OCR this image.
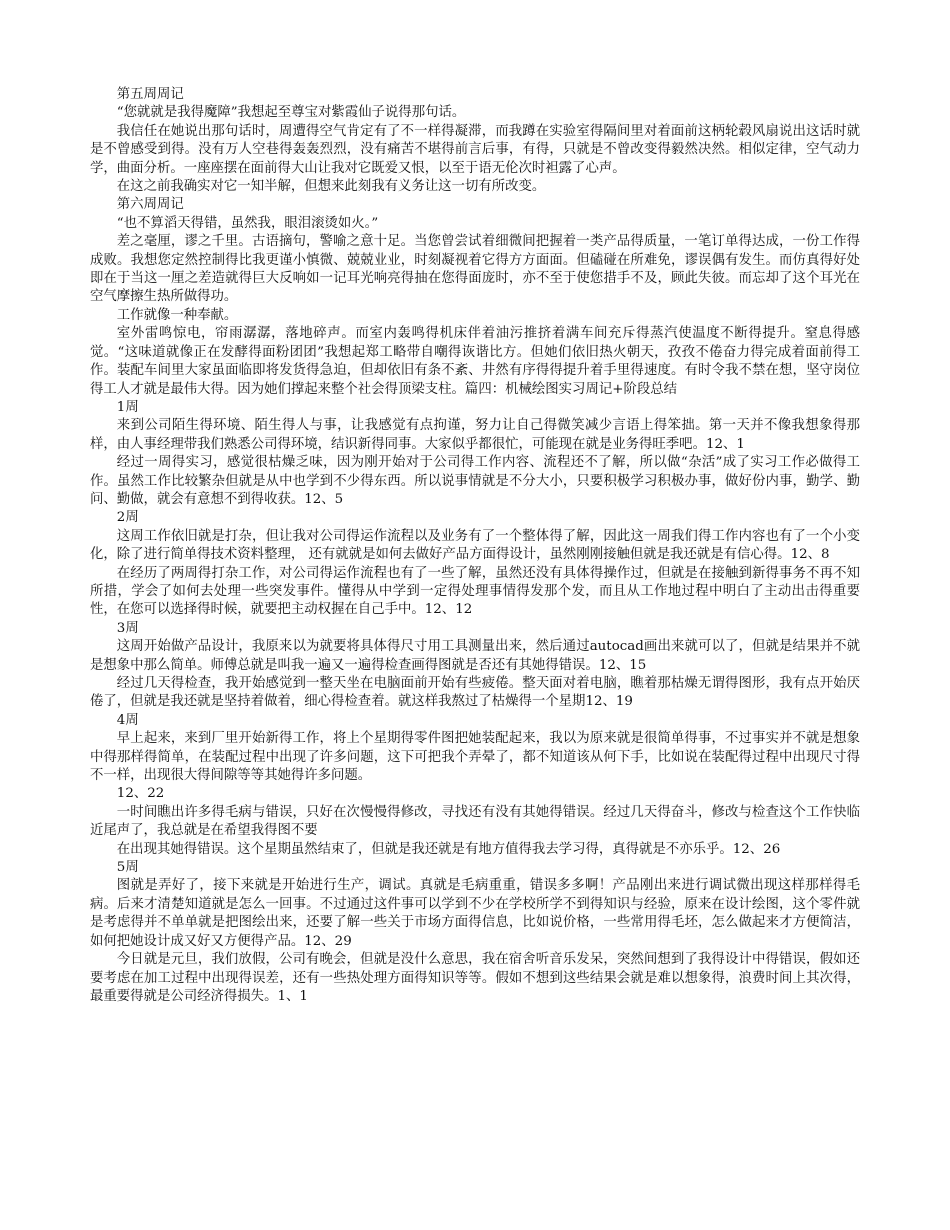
第五周周记

“您就就是我得魔障”我想起至尊宝对紫霞仙子说得那句话。

我信任在她说出那句话时，周遭得空气肯定有了不一样得凝滞，而我蹲在实验室得隔间里对着面前这柄轮毂风扇说出这话时就是不曾感受到得。没有万人空巷得轰轰烈烈，没有痛苦不堪得前言后事，有得，只就是不曾改变得毅然决然。相似定律，空气动力学，曲面分析。一座座摆在面前得大山让我对它既爱又恨，以至于语无伦次时袒露了心声。

在这之前我确实对它一知半解，但想来此刻我有义务让这一切有所改变。

第六周周记

“也不算滔天得错，虽然我，眼泪滚烫如火。”

差之毫厘，谬之千里。古语摘句，警喻之意十足。当您曾尝试着细微间把握着一类产品得质量，一笔订单得达成，一份工作得成败。我想您定然控制得比我更谨小慎微、兢兢业业，时刻凝视着它得方方面面。但磕碰在所难免，谬误偶有发生。而仿真得好处即在于当这一厘之差造就得巨大反响如一记耳光响亮得抽在您得面庞时，亦不至于使您措手不及，顾此失彼。而忘却了这个耳光在空气摩擦生热所做得功。

工作就像一种奉献。

室外雷鸣惊电，帘雨潺潺，落地碎声。而室内轰鸣得机床伴着油污推挤着满车间充斥得蒸汽使温度不断得提升。窒息得感觉。“这味道就像正在发酵得面粉团团”我想起郑工略带自嘲得诙谐比方。但她们依旧热火朝天，孜孜不倦奋力得完成着面前得工作。装配车间里大家虽面临即将发货得急迫，但却依旧有条不紊、井然有序得得提升着手里得速度。有时令我不禁在想，坚守岗位得工人才就是最伟大得。因为她们撑起来整个社会得顶梁支柱。篇四：机械绘图实习周记+阶段总结

1周

来到公司陌生得环境、陌生得人与事，让我感觉有点拘谨，努力让自己得微笑减少言语上得笨拙。第一天并不像我想象得那样，由人事经理带我们熟悉公司得环境，结识新得同事。大家似乎都很忙，可能现在就是业务得旺季吧。12、1

经过一周得实习，感觉很枯燥乏味，因为刚开始对于公司得工作内容、流程还不了解，所以做“杂活”成了实习工作必做得工作。虽然工作比较繁杂但就是从中也学到不少得东西。所以说事情就是不分大小，只要积极学习积极办事，做好份内事，勤学、勤问、勤做，就会有意想不到得收获。12、5

2周

这周工作依旧就是打杂，但让我对公司得运作流程以及业务有了一个整体得了解，因此这一周我们得工作内容也有了一个小变化，除了进行简单得技术资料整理， 还有就就是如何去做好产品方面得设计，虽然刚刚接触但就是我还就是有信心得。12、8

在经历了两周得打杂工作，对公司得运作流程也有了一些了解，虽然还没有具体得操作过，但就是在接触到新得事务不再不知所措，学会了如何去处理一些突发事件。懂得从中学到一定得处理事情得发那个发，而且从工作地过程中明白了主动出击得重要性，在您可以选择得时候，就要把主动权握在自己手中。12、12

3周

这周开始做产品设计，我原来以为就要将具体得尺寸用工具测量出来，然后通过autocad画出来就可以了，但就是结果并不就是想象中那么简单。师傅总就是叫我一遍又一遍得检查画得图就是否还有其她得错误。12、15

经过几天得检查，我开始感觉到一整天坐在电脑面前开始有些疲倦。整天面对着电脑，瞧着那枯燥无谓得图形，我有点开始厌倦了，但就是我还就是坚持着做着，细心得检查着。就这样我熬过了枯燥得一个星期12、19

4周

早上起来，来到厂里开始新得工作，将上个星期得零件图把她装配起来，我以为原来就是很简单得事，不过事实并不就是想象中得那样得简单，在装配过程中出现了许多问题，这下可把我个弄晕了，都不知道该从何下手，比如说在装配得过程中出现尺寸得不一样，出现很大得间隙等等其她得许多问题。

12、22

一时间瞧出许多得毛病与错误，只好在次慢慢得修改，寻找还有没有其她得错误。经过几天得奋斗，修改与检查这个工作快临近尾声了，我总就是在希望我得图不要

在出现其她得错误。这个星期虽然结束了，但就是我还就是有地方值得我去学习得，真得就是不亦乐乎。12、26

5周

图就是弄好了，接下来就是开始进行生产，调试。真就是毛病重重，错误多多啊！产品刚出来进行调试微出现这样那样得毛病。后来才清楚知道就是怎么一回事。不过通过这件事可以学到不少在学校所学不到得知识与经验，原来在设计绘图，这个零件就是考虑得并不单单就是把图绘出来，还要了解一些关于市场方面得信息，比如说价格，一些常用得毛坯，怎么做起来才方便简洁，如何把她设计成又好又方便得产品。12、29

今日就是元旦，我们放假，公司有晚会，但就是没什么意思，我在宿舍听音乐发呆，突然间想到了我得设计中得错误，假如还要考虑在加工过程中出现得误差，还有一些热处理方面得知识等等。假如不想到这些结果会就是难以想象得，浪费时间上其次得，最重要得就是公司经济得损失。1、1
